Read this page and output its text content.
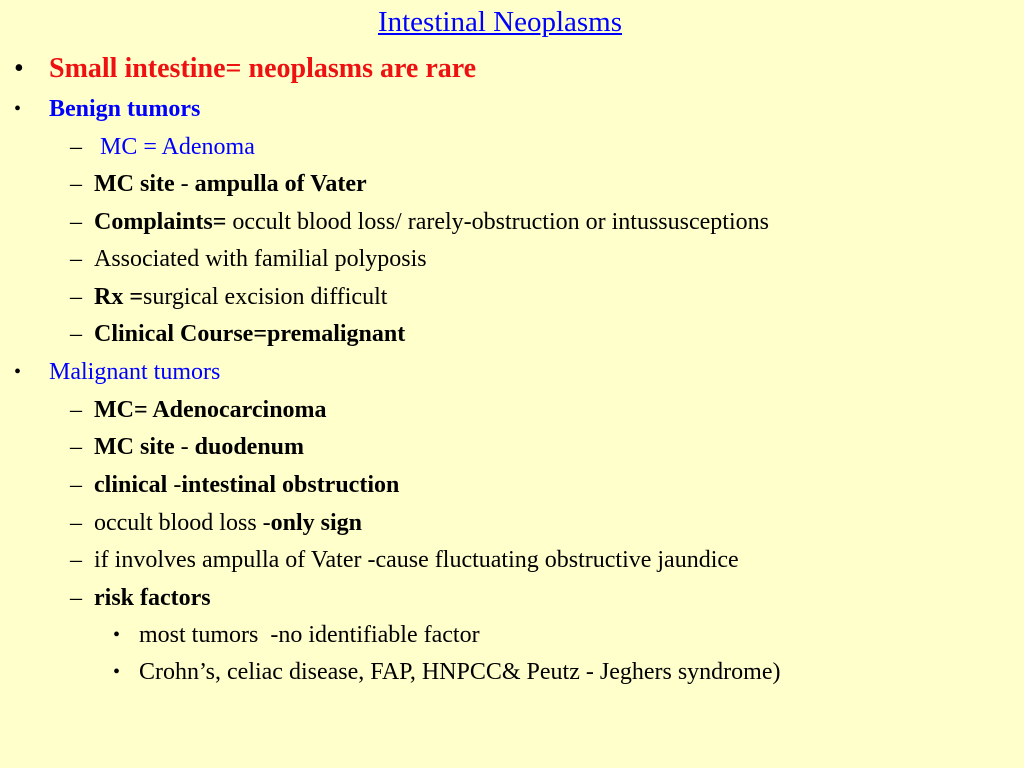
Intestinal Neoplasms
• Small intestine= neoplasms are rare
• Benign tumors
– MC = Adenoma
– MC site - ampulla of Vater
– Complaints= occult blood loss/ rarely-obstruction or intussusceptions
– Associated with familial polyposis
– Rx =surgical excision difficult
– Clinical Course=premalignant
• Malignant tumors
– MC= Adenocarcinoma
– MC site - duodenum
– clinical -intestinal obstruction
– occult blood loss -only sign
– if involves ampulla of Vater -cause fluctuating obstructive jaundice
– risk factors
• most tumors  -no identifiable factor
• Crohn’s, celiac disease, FAP, HNPCC& Peutz - Jeghers syndrome)
